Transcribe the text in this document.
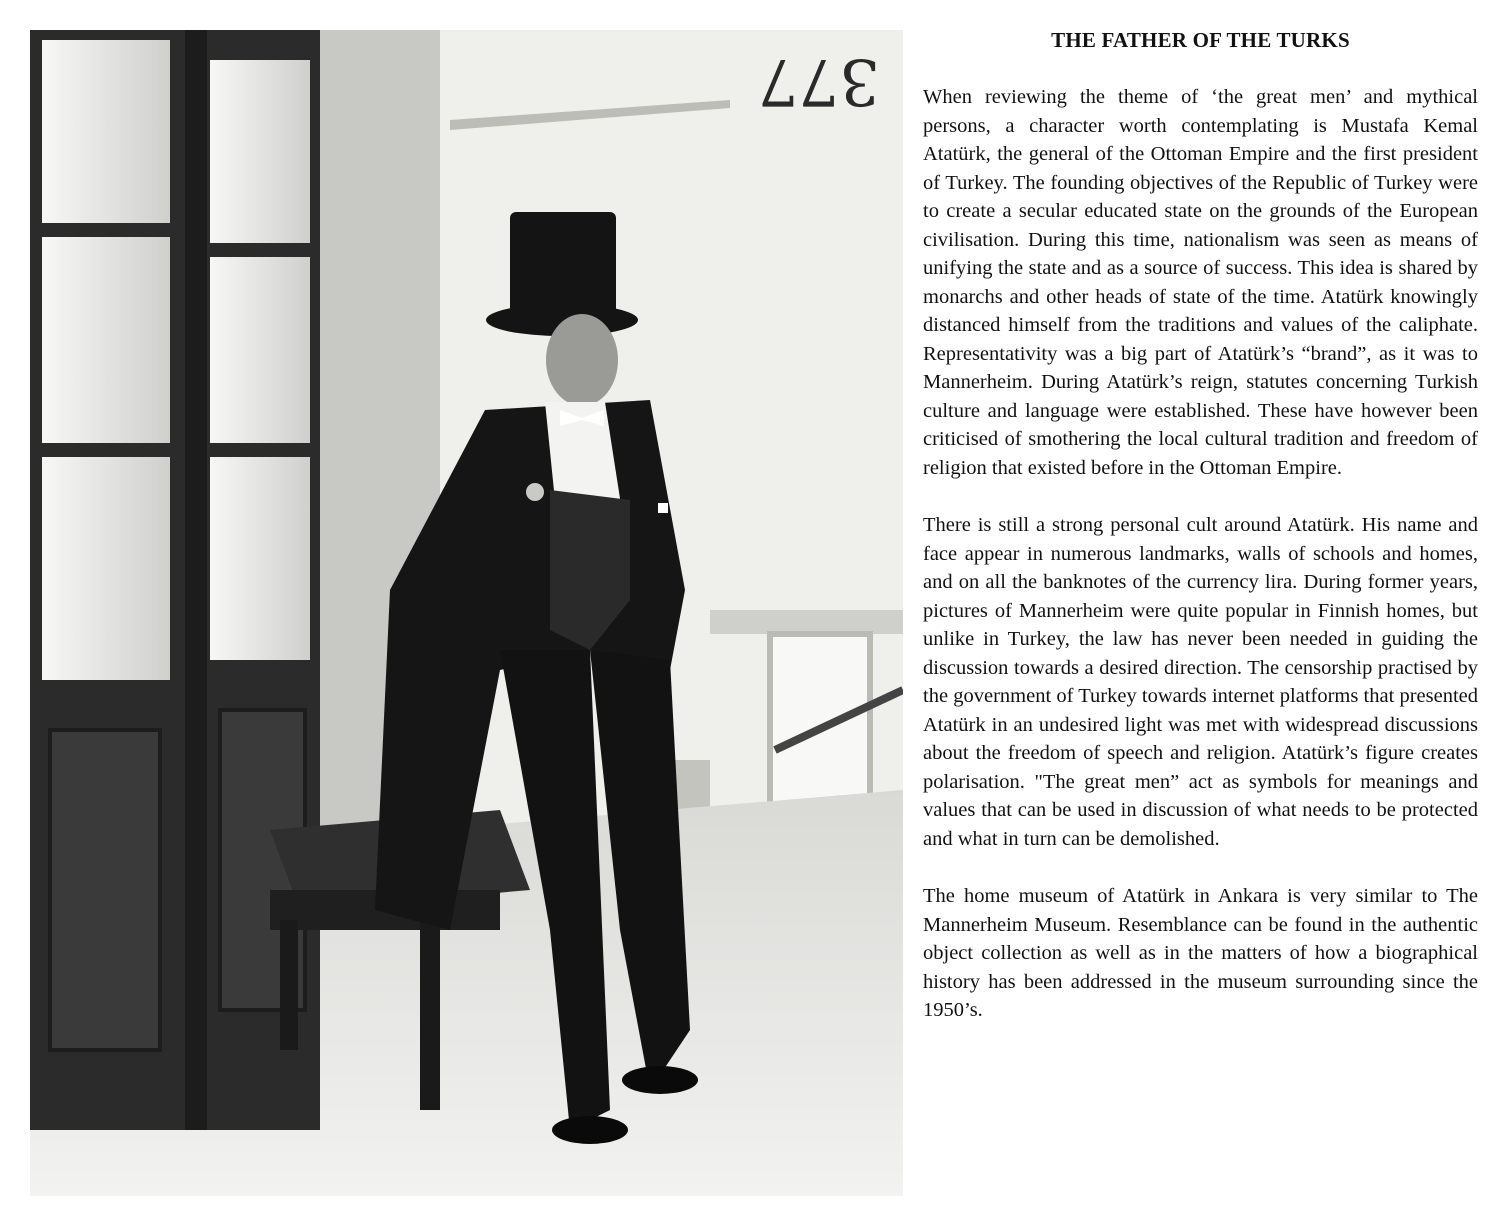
377
THE FATHER OF THE TURKS

When reviewing the theme of ‘the great men’ and mythical persons, a character worth contemplating is Mustafa Kemal Atatürk, the general of the Ottoman Empire and the first president of Turkey. The founding objectives of the Republic of Turkey were to create a secular educated state on the grounds of the European civilisation. During this time, nationalism was seen as means of unifying the state and as a source of success. This idea is shared by monarchs and other heads of state of the time. Atatürk knowingly distanced himself from the traditions and values of the caliphate. Representativity was a big part of Atatürk’s “brand”, as it was to Mannerheim. During Atatürk’s reign, statutes concerning Turkish culture and language were established. These have however been criticised of smothering the local cultural tradition and freedom of religion that existed before in the Ottoman Empire.

There is still a strong personal cult around Atatürk. His name and face appear in numerous landmarks, walls of schools and homes, and on all the banknotes of the currency lira. During former years, pictures of Mannerheim were quite popular in Finnish homes, but unlike in Turkey, the law has never been needed in guiding the discussion towards a desired direction. The censorship practised by the government of Turkey towards internet platforms that presented Atatürk in an undesired light was met with widespread discussions about the freedom of speech and religion. Atatürk’s figure creates polarisation. "The great men” act as symbols for meanings and values that can be used in discussion of what needs to be protected and what in turn can be demolished.

The home museum of Atatürk in Ankara is very similar to The Mannerheim Museum. Resemblance can be found in the authentic object collection as well as in the matters of how a biographical history has been addressed in the museum surrounding since the 1950’s.
